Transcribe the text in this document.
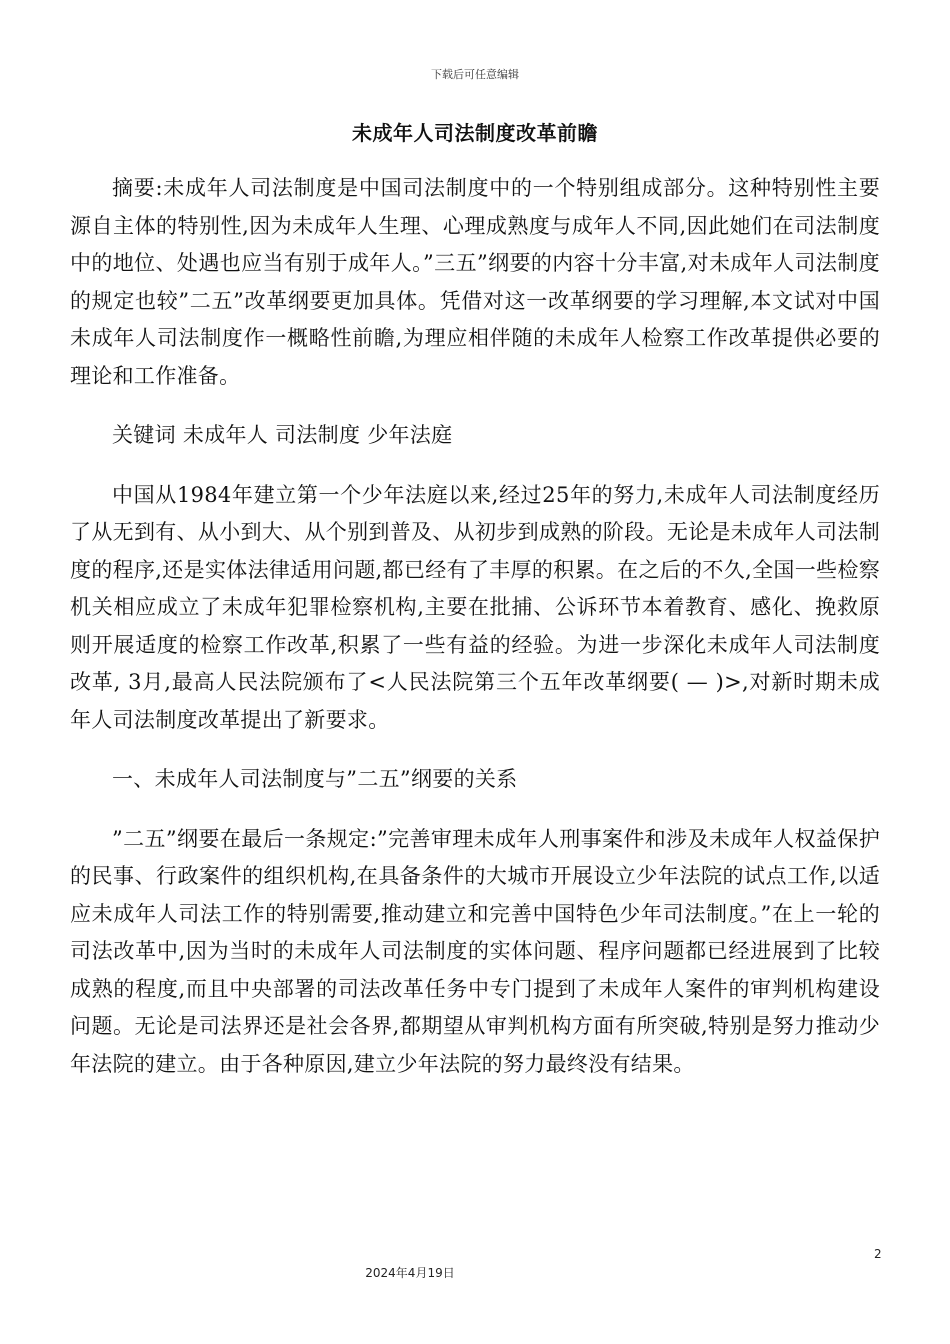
下载后可任意编辑
未成年人司法制度改革前瞻

摘要:未成年人司法制度是中国司法制度中的一个特别组成部分。这种特别性主要源自主体的特别性,因为未成年人生理、心理成熟度与成年人不同,因此她们在司法制度中的地位、处遇也应当有别于成年人。”三五”纲要的内容十分丰富,对未成年人司法制度的规定也较”二五”改革纲要更加具体。凭借对这一改革纲要的学习理解,本文试对中国未成年人司法制度作一概略性前瞻,为理应相伴随的未成年人检察工作改革提供必要的理论和工作准备。

关键词 未成年人 司法制度 少年法庭

中国从1984年建立第一个少年法庭以来,经过25年的努力,未成年人司法制度经历了从无到有、从小到大、从个别到普及、从初步到成熟的阶段。无论是未成年人司法制度的程序,还是实体法律适用问题,都已经有了丰厚的积累。在之后的不久,全国一些检察机关相应成立了未成年犯罪检察机构,主要在批捕、公诉环节本着教育、感化、挽救原则开展适度的检察工作改革,积累了一些有益的经验。为进一步深化未成年人司法制度改革, 3月,最高人民法院颁布了<人民法院第三个五年改革纲要( — )>,对新时期未成年人司法制度改革提出了新要求。

一、未成年人司法制度与”二五”纲要的关系

”二五”纲要在最后一条规定:”完善审理未成年人刑事案件和涉及未成年人权益保护的民事、行政案件的组织机构,在具备条件的大城市开展设立少年法院的试点工作,以适应未成年人司法工作的特别需要,推动建立和完善中国特色少年司法制度。”在上一轮的司法改革中,因为当时的未成年人司法制度的实体问题、程序问题都已经进展到了比较成熟的程度,而且中央部署的司法改革任务中专门提到了未成年人案件的审判机构建设问题。无论是司法界还是社会各界,都期望从审判机构方面有所突破,特别是努力推动少年法院的建立。由于各种原因,建立少年法院的努力最终没有结果。

2
2024年4月19日
